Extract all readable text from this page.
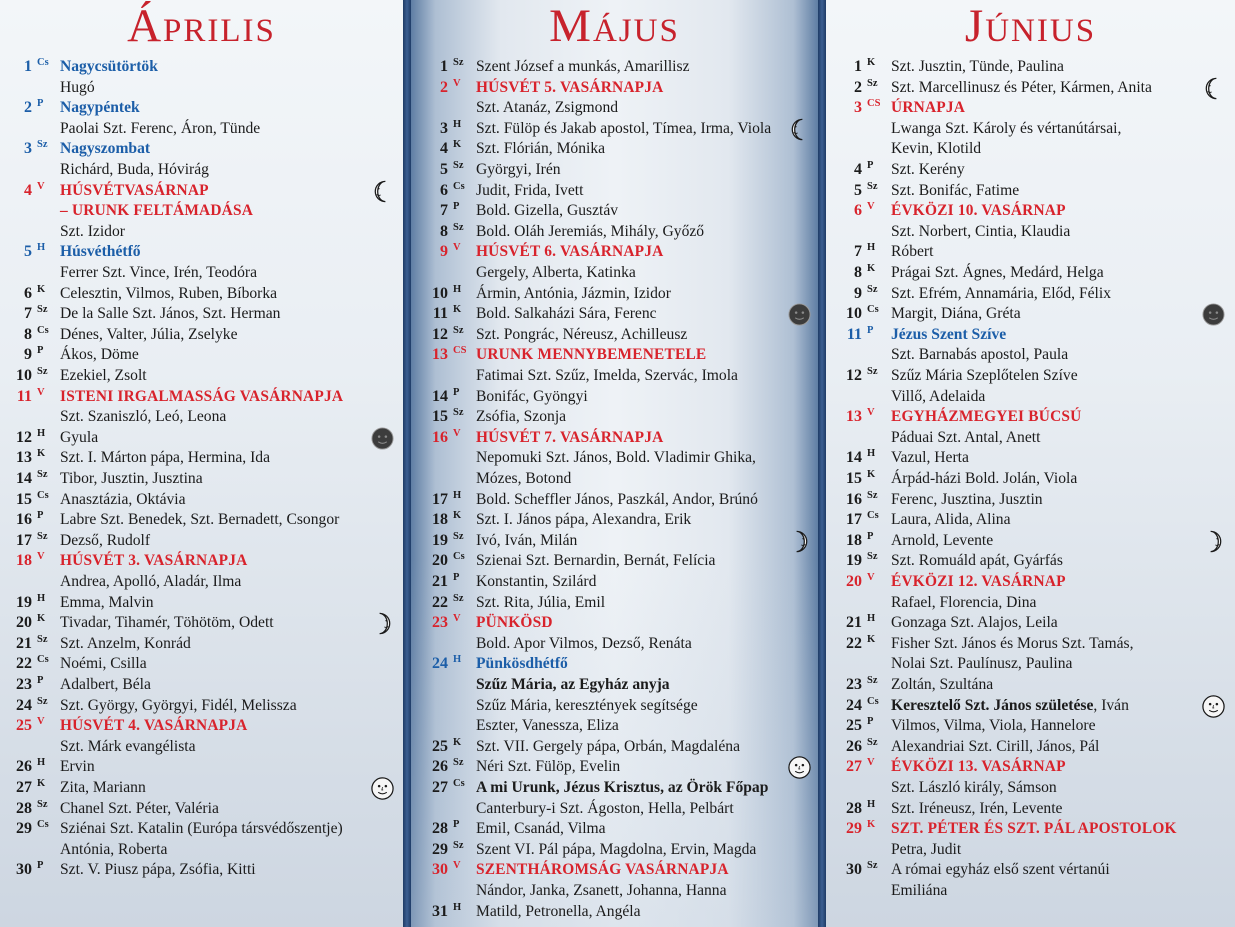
Április
1 Cs Nagycsütörtök
Hugó
2 P Nagypéntek
Paolai Szt. Ferenc, Áron, Tünde
3 Sz Nagyszombat
Richárd, Buda, Hóvirág
4 V HÚSVÉTVASÁRNAP
– URUNK FELTÁMADÁSA
Szt. Izidor
5 H Húsvéthétfő
Ferrer Szt. Vince, Irén, Teodóra
6 K Celesztin, Vilmos, Ruben, Bíborka
7 Sz De la Salle Szt. János, Szt. Herman
8 Cs Dénes, Valter, Júlia, Zselyke
9 P Ákos, Döme
10 Sz Ezekiel, Zsolt
11 V ISTENI IRGALMASSÁG VASÁRNAPJA
Szt. Szaniszló, Leó, Leona
12 H Gyula
13 K Szt. I. Márton pápa, Hermina, Ida
14 Sz Tibor, Jusztin, Jusztina
15 Cs Anasztázia, Oktávia
16 P Labre Szt. Benedek, Szt. Bernadett, Csongor
17 Sz Dezső, Rudolf
18 V HÚSVÉT 3. VASÁRNAPJA
Andrea, Apolló, Aladár, Ilma
19 H Emma, Malvin
20 K Tivadar, Tihamér, Töhötöm, Odett
21 Sz Szt. Anzelm, Konrád
22 Cs Noémi, Csilla
23 P Adalbert, Béla
24 Sz Szt. György, Györgyi, Fidél, Melissza
25 V HÚSVÉT 4. VASÁRNAPJA
Szt. Márk evangélista
26 H Ervin
27 K Zita, Mariann
28 Sz Chanel Szt. Péter, Valéria
29 Cs Sziénai Szt. Katalin (Európa társvédőszentje)
Antónia, Roberta
30 P Szt. V. Piusz pápa, Zsófia, Kitti
Május
1 Sz Szent József a munkás, Amarillisz
2 V HÚSVÉT 5. VASÁRNAPJA
Szt. Atanáz, Zsigmond
3 H Szt. Fülöp és Jakab apostol, Tímea, Irma, Viola
4 K Szt. Flórián, Mónika
5 Sz Györgyi, Irén
6 Cs Judit, Frida, Ivett
7 P Bold. Gizella, Gusztáv
8 Sz Bold. Oláh Jeremiás, Mihály, Győző
9 V HÚSVÉT 6. VASÁRNAPJA
Gergely, Alberta, Katinka
10 H Ármin, Antónia, Jázmin, Izidor
11 K Bold. Salkaházi Sára, Ferenc
12 Sz Szt. Pongrác, Néreusz, Achilleusz
13 CS URUNK MENNYBEMENETELE
Fatimai Szt. Szűz, Imelda, Szervác, Imola
14 P Bonifác, Gyöngyi
15 Sz Zsófia, Szonja
16 V HÚSVÉT 7. VASÁRNAPJA
Nepomuki Szt. János, Bold. Vladimir Ghika,
Mózes, Botond
17 H Bold. Scheffler János, Paszkál, Andor, Brúnó
18 K Szt. I. János pápa, Alexandra, Erik
19 Sz Ivó, Iván, Milán
20 Cs Szienai Szt. Bernardin, Bernát, Felícia
21 P Konstantin, Szilárd
22 Sz Szt. Rita, Júlia, Emil
23 V PÜNKÖSD
Bold. Apor Vilmos, Dezső, Renáta
24 H Pünkösdhétfő
Szűz Mária, az Egyház anyja
Szűz Mária, keresztények segítsége
Eszter, Vanessza, Eliza
25 K Szt. VII. Gergely pápa, Orbán, Magdaléna
26 Sz Néri Szt. Fülöp, Evelin
27 Cs A mi Urunk, Jézus Krisztus, az Örök Főpap
Canterbury-i Szt. Ágoston, Hella, Pelbárt
28 P Emil, Csanád, Vilma
29 Sz Szent VI. Pál pápa, Magdolna, Ervin, Magda
30 V SZENTHÁROMSÁG VASÁRNAPJA
Nándor, Janka, Zsanett, Johanna, Hanna
31 H Matild, Petronella, Angéla
Június
1 K Szt. Jusztin, Tünde, Paulina
2 Sz Szt. Marcellinusz és Péter, Kármen, Anita
3 CS ÚRNAPJA
Lwanga Szt. Károly és vértanútársai,
Kevin, Klotild
4 P Szt. Kerény
5 Sz Szt. Bonifác, Fatime
6 V ÉVKÖZI 10. VASÁRNAP
Szt. Norbert, Cintia, Klaudia
7 H Róbert
8 K Prágai Szt. Ágnes, Medárd, Helga
9 Sz Szt. Efrém, Annamária, Előd, Félix
10 Cs Margit, Diána, Gréta
11 P Jézus Szent Szíve
Szt. Barnabás apostol, Paula
12 Sz Szűz Mária Szeplőtelen Szíve
Villő, Adelaida
13 V EGYHÁZMEGYEI BÚCSÚ
Páduai Szt. Antal, Anett
14 H Vazul, Herta
15 K Árpád-házi Bold. Jolán, Viola
16 Sz Ferenc, Jusztina, Jusztin
17 Cs Laura, Alida, Alina
18 P Arnold, Levente
19 Sz Szt. Romuáld apát, Gyárfás
20 V ÉVKÖZI 12. VASÁRNAP
Rafael, Florencia, Dina
21 H Gonzaga Szt. Alajos, Leila
22 K Fisher Szt. János és Morus Szt. Tamás,
Nolai Szt. Paulínusz, Paulina
23 Sz Zoltán, Szultána
24 Cs Keresztelő Szt. János születése, Iván
25 P Vilmos, Vilma, Viola, Hannelore
26 Sz Alexandriai Szt. Cirill, János, Pál
27 V ÉVKÖZI 13. VASÁRNAP
Szt. László király, Sámson
28 H Szt. Iréneusz, Irén, Levente
29 K SZT. PÉTER ÉS SZT. PÁL APOSTOLOK
Petra, Judit
30 Sz A római egyház első szent vértanúi
Emiliána
